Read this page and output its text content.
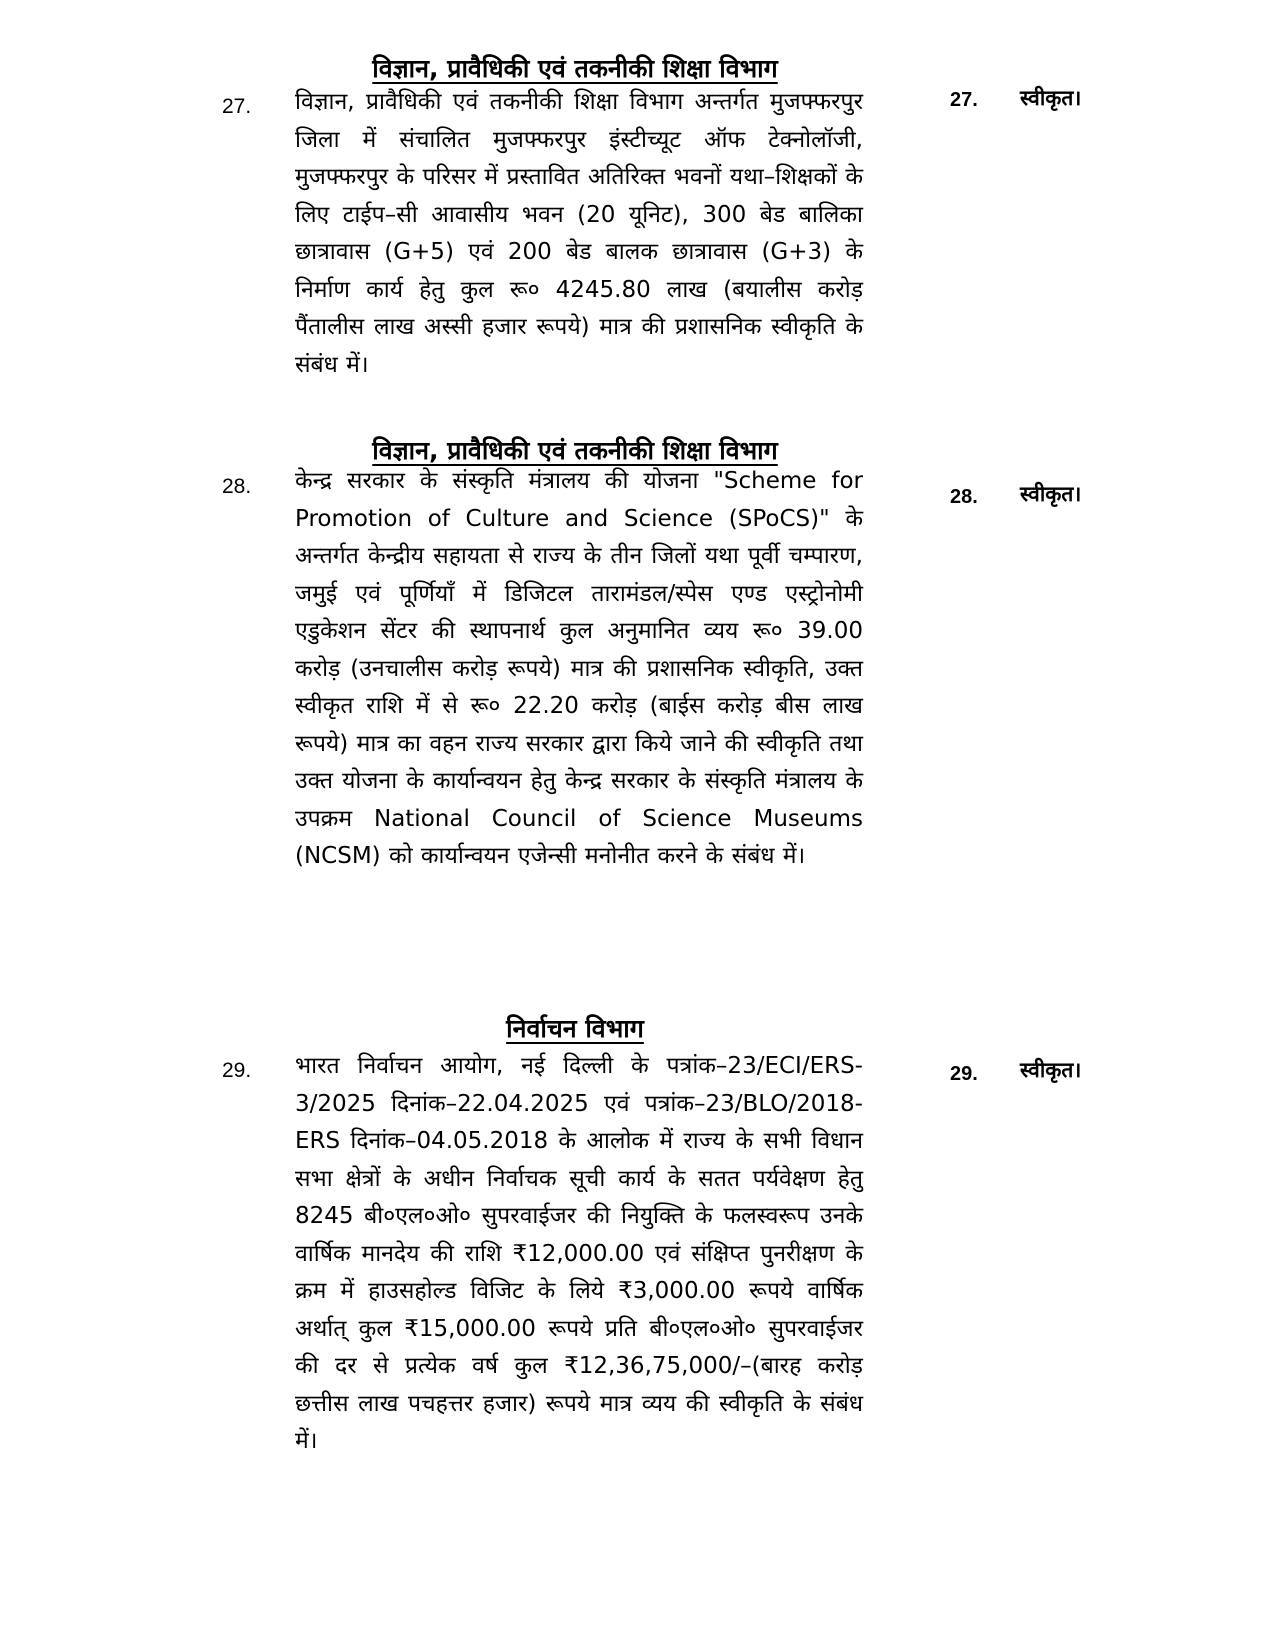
विज्ञान, प्रावैधिकी एवं तकनीकी शिक्षा विभाग
27.	विज्ञान, प्रावैधिकी एवं तकनीकी शिक्षा विभाग अन्तर्गत मुजफ्फरपुर जिला में संचालित मुजफ्फरपुर इंस्टीच्यूट ऑफ टेक्नोलॉजी, मुजफ्फरपुर के परिसर में प्रस्तावित अतिरिक्त भवनों यथा–शिक्षकों के लिए टाईप–सी आवासीय भवन (20 यूनिट), 300 बेड बालिका छात्रावास (G+5) एवं 200 बेड बालक छात्रावास (G+3) के निर्माण कार्य हेतु कुल रू० 4245.80 लाख (बयालीस करोड़ पैंतालीस लाख अस्सी हजार रूपये) मात्र की प्रशासनिक स्वीकृति के संबंध में।
27.	स्वीकृत।
विज्ञान, प्रावैधिकी एवं तकनीकी शिक्षा विभाग
28.	केन्द्र सरकार के संस्कृति मंत्रालय की योजना "Scheme for Promotion of Culture and Science (SPoCS)" के अन्तर्गत केन्द्रीय सहायता से राज्य के तीन जिलों यथा पूर्वी चम्पारण, जमुई एवं पूर्णियाँ में डिजिटल तारामंडल/स्पेस एण्ड एस्ट्रोनोमी एडुकेशन सेंटर की स्थापनार्थ कुल अनुमानित व्यय रू० 39.00 करोड़ (उनचालीस करोड़ रूपये) मात्र की प्रशासनिक स्वीकृति, उक्त स्वीकृत राशि में से रू० 22.20 करोड़ (बाईस करोड़ बीस लाख रूपये) मात्र का वहन राज्य सरकार द्वारा किये जाने की स्वीकृति तथा उक्त योजना के कार्यान्वयन हेतु केन्द्र सरकार के संस्कृति मंत्रालय के उपक्रम National Council of Science Museums (NCSM) को कार्यान्वयन एजेन्सी मनोनीत करने के संबंध में।
28.	स्वीकृत।
निर्वाचन विभाग
29.	भारत निर्वाचन आयोग, नई दिल्ली के पत्रांक–23/ECI/ERS-3/2025 दिनांक–22.04.2025 एवं पत्रांक–23/BLO/2018-ERS दिनांक–04.05.2018 के आलोक में राज्य के सभी विधान सभा क्षेत्रों के अधीन निर्वाचक सूची कार्य के सतत पर्यवेक्षण हेतु 8245 बी०एल०ओ० सुपरवाईजर की नियुक्ति के फलस्वरूप उनके वार्षिक मानदेय की राशि ₹12,000.00 एवं संक्षिप्त पुनरीक्षण के क्रम में हाउसहोल्ड विजिट के लिये ₹3,000.00 रूपये वार्षिक अर्थात् कुल ₹15,000.00 रूपये प्रति बी०एल०ओ० सुपरवाईजर की दर से प्रत्येक वर्ष कुल ₹12,36,75,000/–(बारह करोड़ छत्तीस लाख पचहत्तर हजार) रूपये मात्र व्यय की स्वीकृति के संबंध में।
29.	स्वीकृत।
